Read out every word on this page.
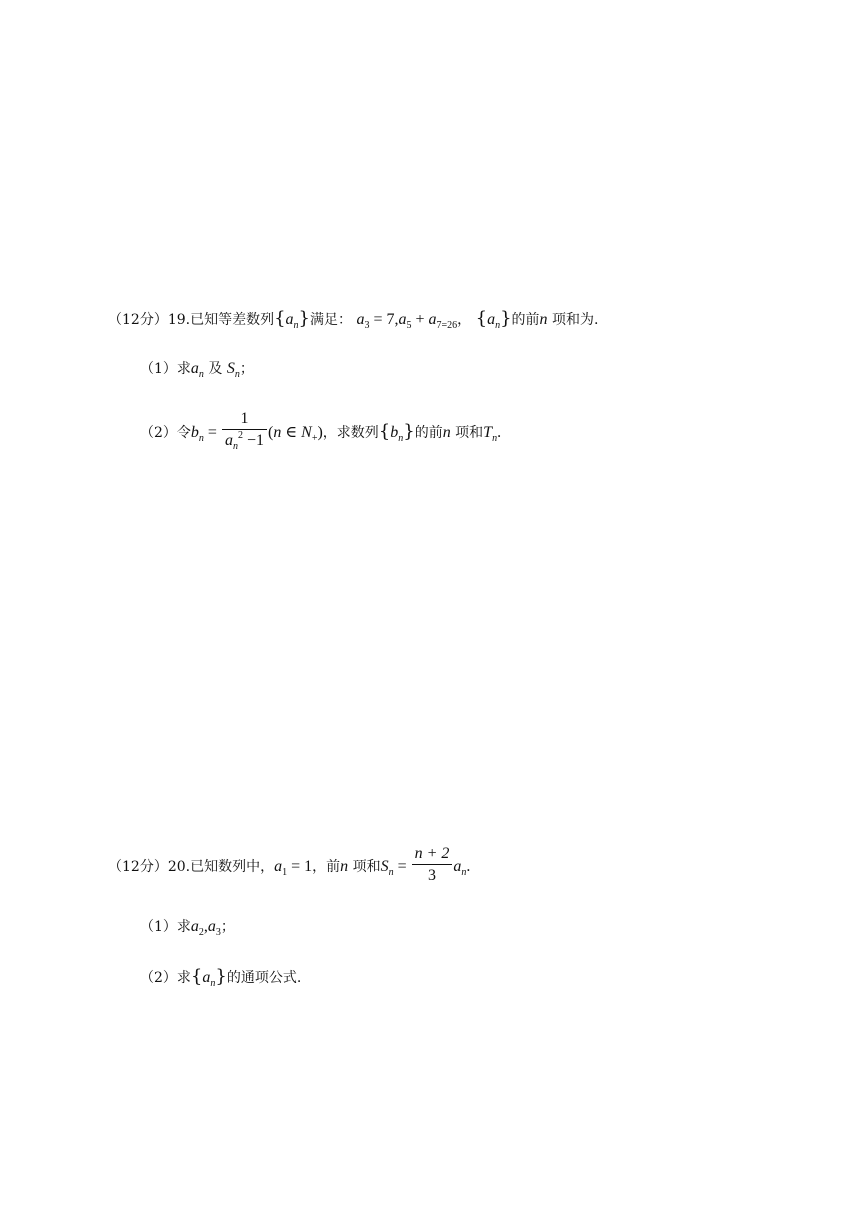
（12分）19.已知等差数列$\{a_n\}$满足： $a_3 = 7,a_5 + a_{7=26}$， $\{a_n\}$的前n 项和为.
（1）求$a_n$ 及 $S_n$；
（2）令$b_n = \frac{1}{a_n^2 -1} (n$ ∈ $N_+$)，求数列$\{b_n\}$的前n 项和$T_n$.
（12分）20.已知数列中，$a_1 = 1$，前n 项和$S_n = \frac{n + 2}{3} a_n$.
（1）求$a_2,a_3$；
（2）求$\{a_n\}$的通项公式.
